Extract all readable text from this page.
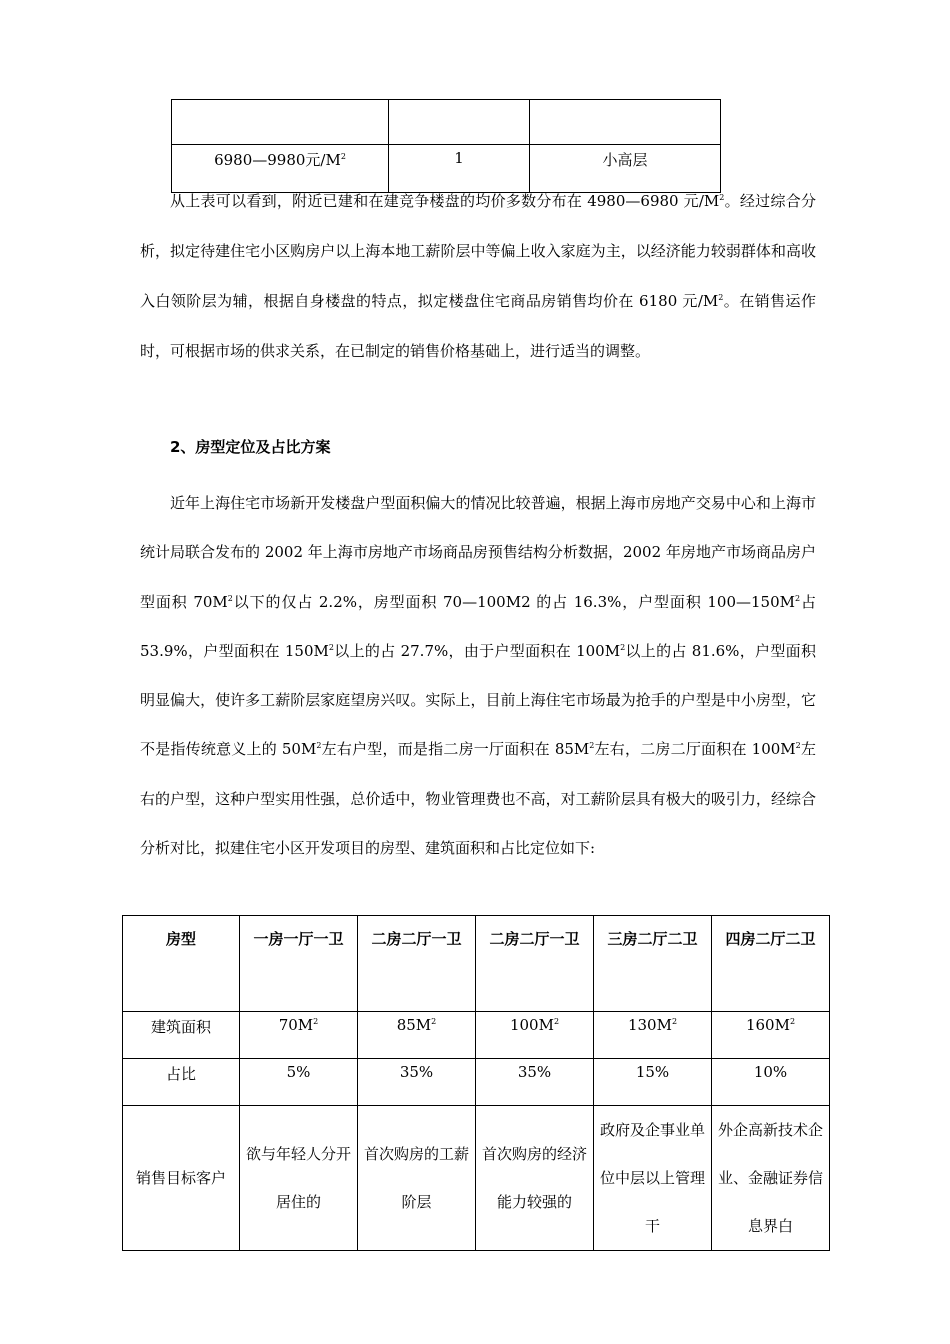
6980—9980元$/M^2$	1	小高层

从上表可以看到，附近已建和在建竞争楼盘的均价多数分布在 4980—6980 元$/M^2$。经过综合分析，拟定待建住宅小区购房户以上海本地工薪阶层中等偏上收入家庭为主，以经济能力较弱群体和高收入白领阶层为辅，根据自身楼盘的特点，拟定楼盘住宅商品房销售均价在 6180 元$/M^2$。在销售运作时，可根据市场的供求关系，在已制定的销售价格基础上，进行适当的调整。

2、房型定位及占比方案

近年上海住宅市场新开发楼盘户型面积偏大的情况比较普遍，根据上海市房地产交易中心和上海市统计局联合发布的 2002 年上海市房地产市场商品房预售结构分析数据，2002 年房地产市场商品房户型面积 $70M^2$以下的仅占 2.2%，房型面积 70—100M2 的占 16.3%，户型面积 $100—150M^2$占 53.9%，户型面积在 $150M^2$以上的占 27.7%，由于户型面积在 $100M^2$以上的占 81.6%，户型面积明显偏大，使许多工薪阶层家庭望房兴叹。实际上，目前上海住宅市场最为抢手的户型是中小房型，它不是指传统意义上的 $50M^2$左右户型，而是指二房一厅面积在 $85M^2$左右，二房二厅面积在 $100M^2$左右的户型，这种户型实用性强，总价适中，物业管理费也不高，对工薪阶层具有极大的吸引力，经综合分析对比，拟建住宅小区开发项目的房型、建筑面积和占比定位如下:

房型	一房一厅一卫	二房二厅一卫	二房二厅一卫	三房二厅二卫	四房二厅二卫
建筑面积	$70M^2$	$85M^2$	$100M^2$	$130M^2$	$160M^2$
占比	5%	35%	35%	15%	10%
销售目标客户	欲与年轻人分开居住的	首次购房的工薪阶层	首次购房的经济能力较强的	政府及企事业单位中层以上管理干	外企高新技术企业、金融证券信息界白
